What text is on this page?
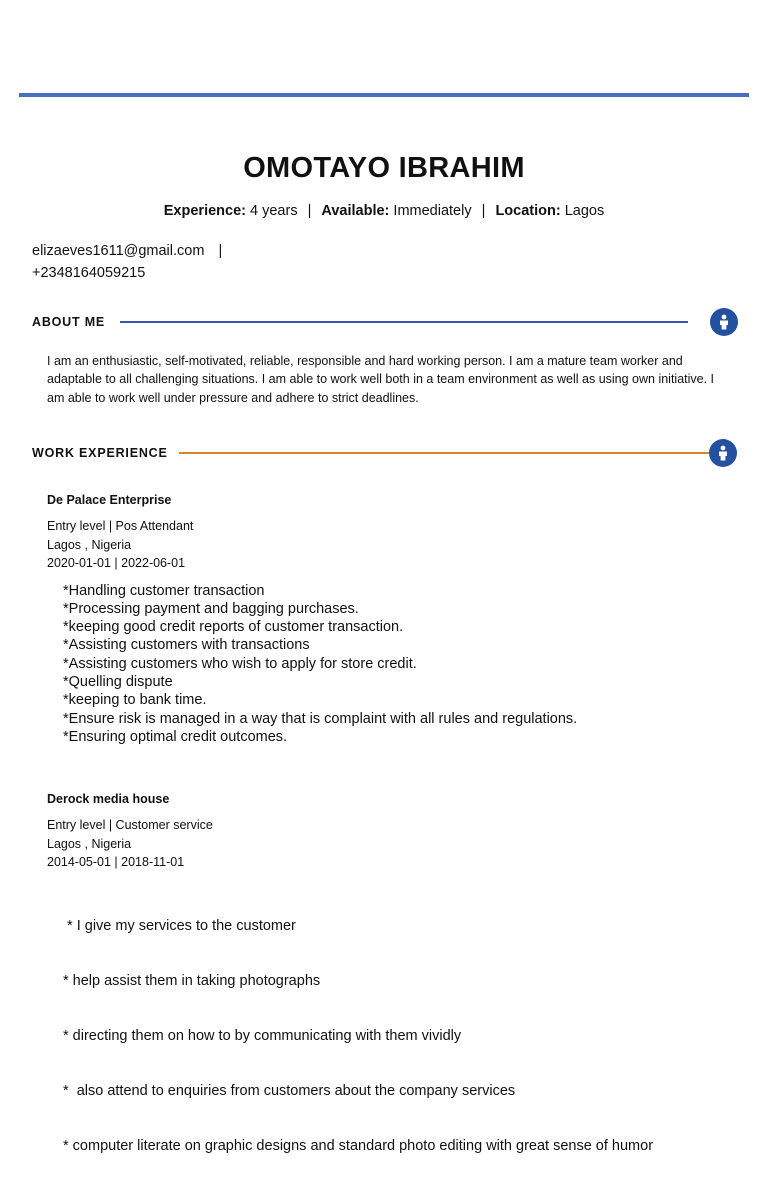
OMOTAYO IBRAHIM
Experience: 4 years | Available: Immediately | Location: Lagos
elizaeves1611@gmail.com |
+2348164059215
ABOUT ME

I am an enthusiastic, self-motivated, reliable, responsible and hard working person. I am a mature team worker and adaptable to all challenging situations. I am able to work well both in a team environment as well as using own initiative. I am able to work well under pressure and adhere to strict deadlines.

WORK EXPERIENCE
De Palace Enterprise
Entry level | Pos Attendant
Lagos , Nigeria
2020-01-01 | 2022-06-01
*Handling customer transaction
*Processing payment and bagging purchases.
*keeping good credit reports of customer transaction.
*Assisting customers with transactions
*Assisting customers who wish to apply for store credit.
*Quelling dispute
*keeping to bank time.
*Ensure risk is managed in a way that is complaint with all rules and regulations.
*Ensuring optimal credit outcomes.
Derock media house
Entry level | Customer service
Lagos , Nigeria
2014-05-01 | 2018-11-01

* I give my services to the customer

* help assist them in taking photographs

* directing them on how to by communicating with them vividly

*  also attend to enquiries from customers about the company services

* computer literate on graphic designs and standard photo editing with great sense of humor
